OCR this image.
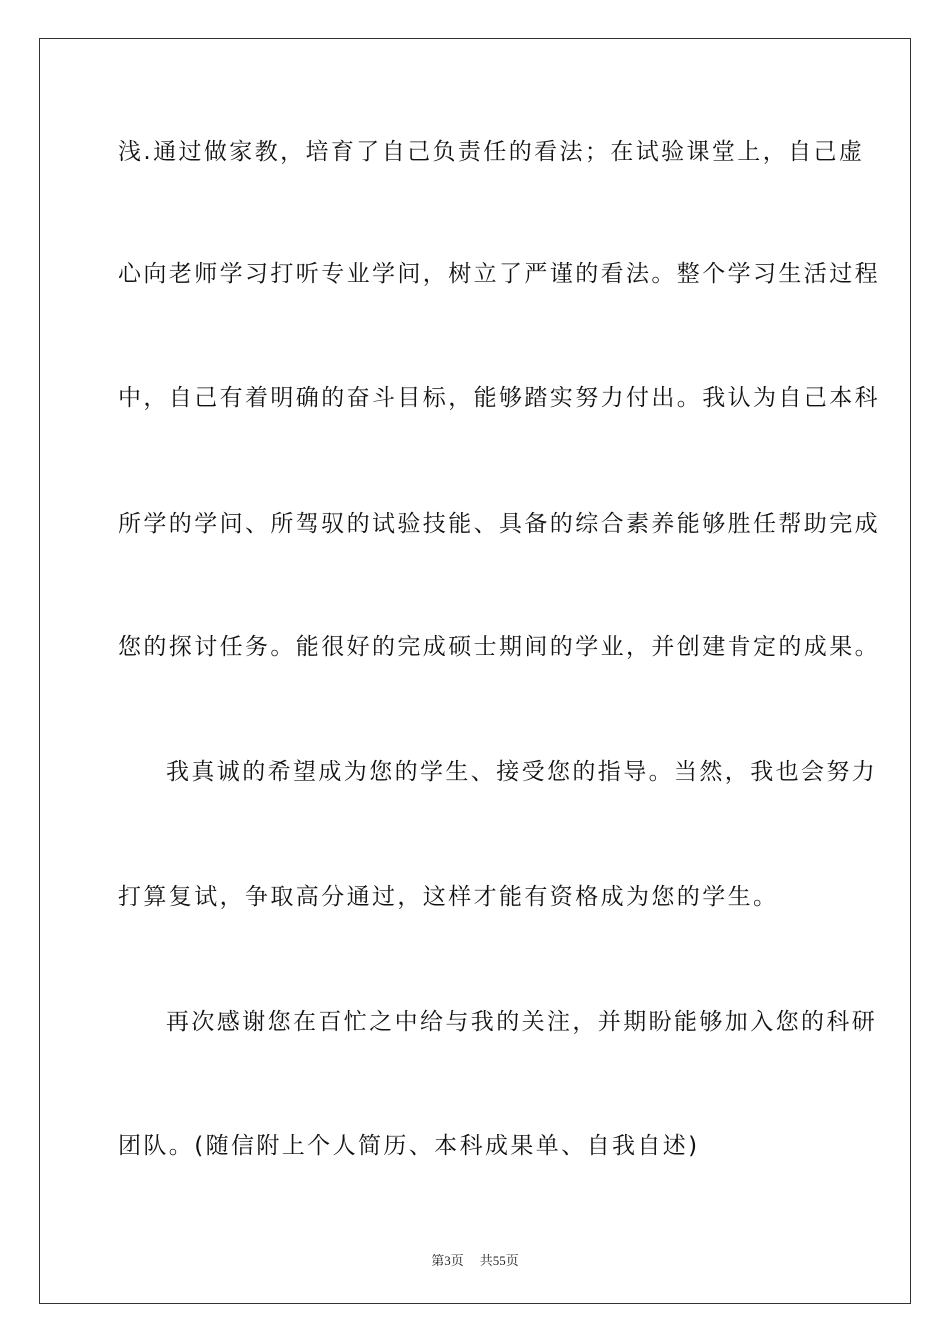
浅.通过做家教，培育了自己负责任的看法；在试验课堂上，自己虚
心向老师学习打听专业学问，树立了严谨的看法。整个学习生活过程
中，自己有着明确的奋斗目标，能够踏实努力付出。我认为自己本科
所学的学问、所驾驭的试验技能、具备的综合素养能够胜任帮助完成
您的探讨任务。能很好的完成硕士期间的学业，并创建肯定的成果。
我真诚的希望成为您的学生、接受您的指导。当然，我也会努力
打算复试，争取高分通过，这样才能有资格成为您的学生。
再次感谢您在百忙之中给与我的关注，并期盼能够加入您的科研
团队。(随信附上个人简历、本科成果单、自我自述)
第3页 共55页
